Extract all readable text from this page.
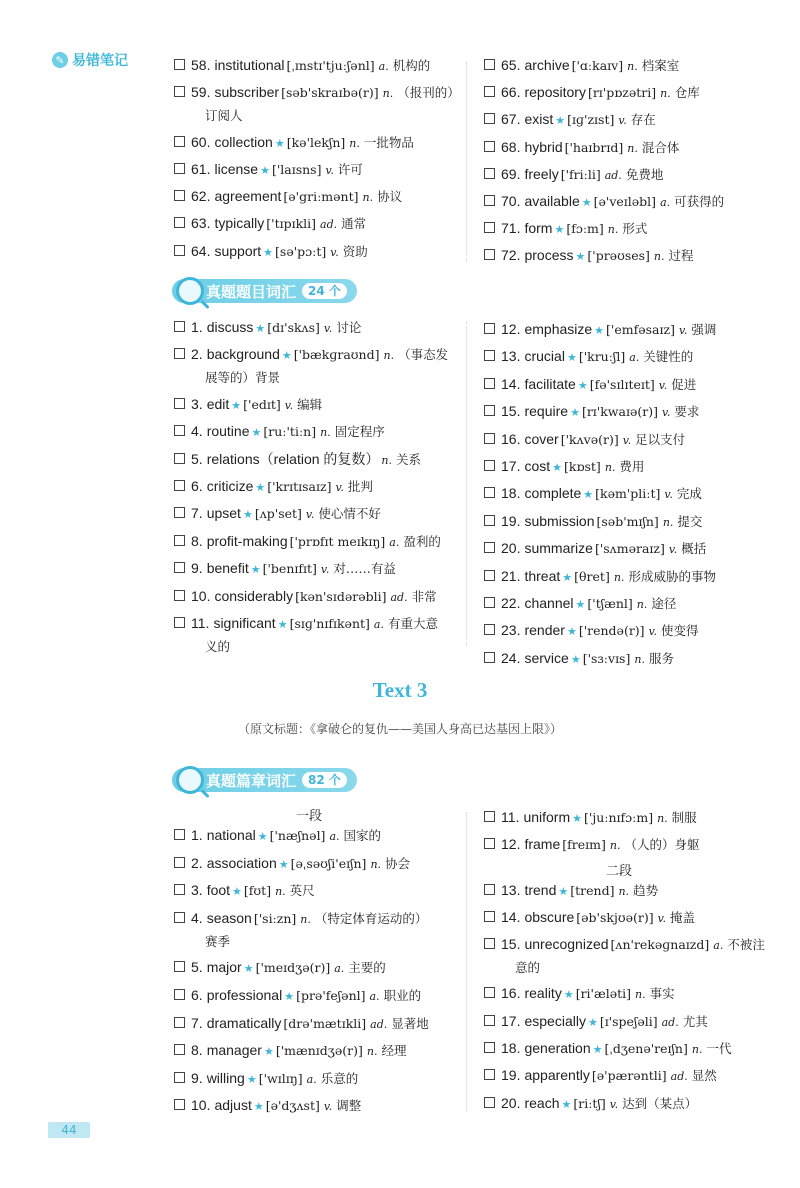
✎ 易错笔记	58. institutional [ˌɪnstɪ'tjuːʃənl] a. 机构的
59. subscriber [səb'skraɪbə(r)] n. （报刊的）
订阅人
60. collection ★ [kə'lekʃn] n. 一批物品
61. license ★ ['laɪsns] v. 许可
62. agreement [ə'griːmənt] n. 协议
63. typically ['tɪpɪkli] ad. 通常
64. support ★ [sə'pɔːt] v. 资助
65. archive ['ɑːkaɪv] n. 档案室
66. repository [rɪ'pɒzətri] n. 仓库
67. exist ★ [ɪɡ'zɪst] v. 存在
68. hybrid ['haɪbrɪd] n. 混合体
69. freely ['friːli] ad. 免费地
70. available ★ [ə'veɪləbl] a. 可获得的
71. form ★ [fɔːm] n. 形式
72. process ★ ['prəʊses] n. 过程
真题题目词汇	24 个
1. discuss ★ [dɪ'skʌs] v. 讨论
2. background ★ ['bækɡraʊnd] n. （事态发
展等的）背景
3. edit ★ ['edɪt] v. 编辑
4. routine ★ [ruː'tiːn] n. 固定程序
5. relations（relation 的复数） n. 关系
6. criticize ★ ['krɪtɪsaɪz] v. 批判
7. upset ★ [ʌp'set] v. 使心情不好
8. profit-making ['prɒfɪt meɪkɪŋ] a. 盈利的
9. benefit ★ ['benɪfɪt] v. 对……有益
10. considerably [kən'sɪdərəbli] ad. 非常
11. significant ★ [sɪɡ'nɪfɪkənt] a. 有重大意
义的
12. emphasize ★ ['emfəsaɪz] v. 强调
13. crucial ★ ['kruːʃl] a. 关键性的
14. facilitate ★ [fə'sɪlɪteɪt] v. 促进
15. require ★ [rɪ'kwaɪə(r)] v. 要求
16. cover ['kʌvə(r)] v. 足以支付
17. cost ★ [kɒst] n. 费用
18. complete ★ [kəm'pliːt] v. 完成
19. submission [səb'mɪʃn] n. 提交
20. summarize ['sʌməraɪz] v. 概括
21. threat ★ [θret] n. 形成威胁的事物
22. channel ★ ['tʃænl] n. 途径
23. render ★ ['rendə(r)] v. 使变得
24. service ★ ['sɜːvɪs] n. 服务
Text 3
（原文标题：《拿破仑的复仇——美国人身高已达基因上限》）
真题篇章词汇	82 个
一段
1. national ★ ['næʃnəl] a. 国家的
2. association ★ [əˌsəʊʃi'eɪʃn] n. 协会
3. foot ★ [fʊt] n. 英尺
4. season ['siːzn] n. （特定体育运动的）
赛季
5. major ★ ['meɪdʒə(r)] a. 主要的
6. professional ★ [prə'feʃənl] a. 职业的
7. dramatically [drə'mætɪkli] ad. 显著地
8. manager ★ ['mænɪdʒə(r)] n. 经理
9. willing ★ ['wɪlɪŋ] a. 乐意的
10. adjust ★ [ə'dʒʌst] v. 调整
11. uniform ★ ['juːnɪfɔːm] n. 制服
12. frame [freɪm] n. （人的）身躯
二段
13. trend ★ [trend] n. 趋势
14. obscure [əb'skjʊə(r)] v. 掩盖
15. unrecognized [ʌn'rekəɡnaɪzd] a. 不被注
意的
16. reality ★ [ri'æləti] n. 事实
17. especially ★ [ɪ'speʃəli] ad. 尤其
18. generation ★ [ˌdʒenə'reɪʃn] n. 一代
19. apparently [ə'pærəntli] ad. 显然
20. reach ★ [riːtʃ] v. 达到（某点）
44
